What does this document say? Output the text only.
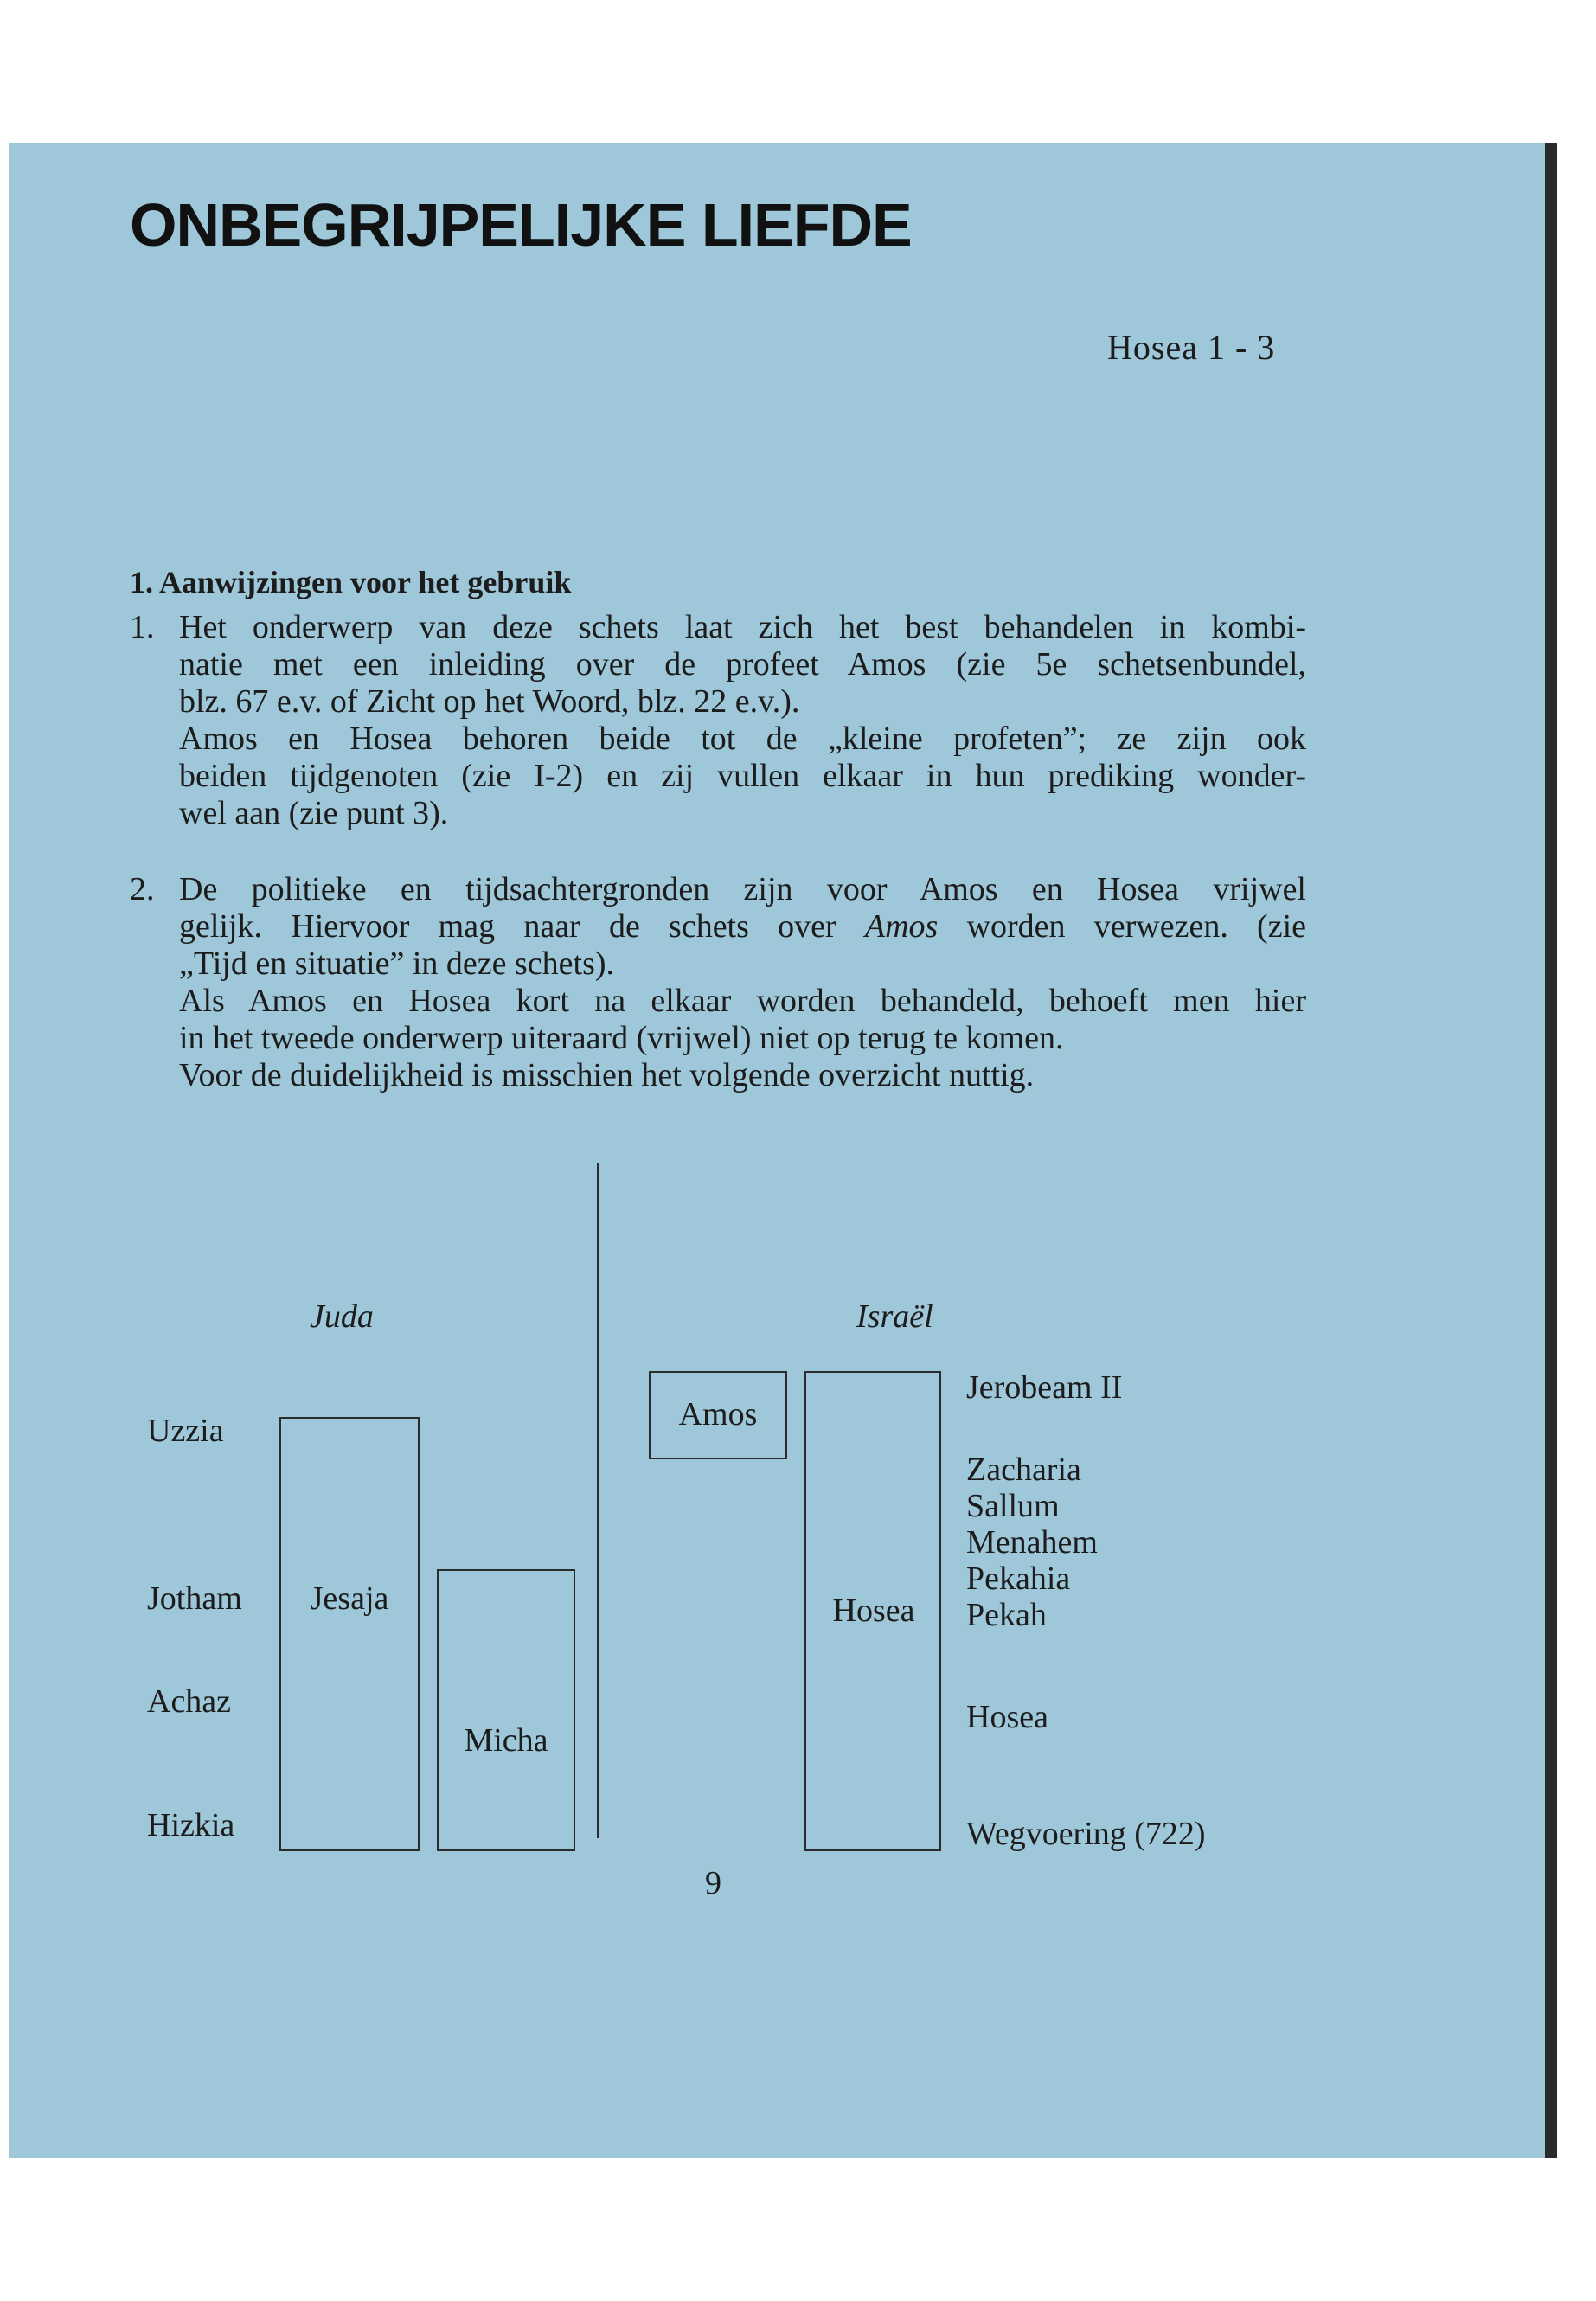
ONBEGRIJPELIJKE LIEFDE
Hosea 1 - 3
1. Aanwijzingen voor het gebruik
1. Het onderwerp van deze schets laat zich het best behandelen in kombi-
natie met een inleiding over de profeet Amos (zie 5e schetsenbundel,
blz. 67 e.v. of Zicht op het Woord, blz. 22 e.v.).
Amos en Hosea behoren beide tot de „kleine profeten”; ze zijn ook
beiden tijdgenoten (zie I-2) en zij vullen elkaar in hun prediking wonder-
wel aan (zie punt 3).
2. De politieke en tijdsachtergronden zijn voor Amos en Hosea vrijwel
gelijk. Hiervoor mag naar de schets over Amos worden verwezen. (zie
„Tijd en situatie” in deze schets).
Als Amos en Hosea kort na elkaar worden behandeld, behoeft men hier
in het tweede onderwerp uiteraard (vrijwel) niet op terug te komen.
Voor de duidelijkheid is misschien het volgende overzicht nuttig.
Juda	Israël
Uzzia
Jotham
Achaz
Hizkia
Jesaja
Micha
Amos
Hosea
Jerobeam II
Zacharia
Sallum
Menahem
Pekahia
Pekah
Hosea
Wegvoering (722)
9
